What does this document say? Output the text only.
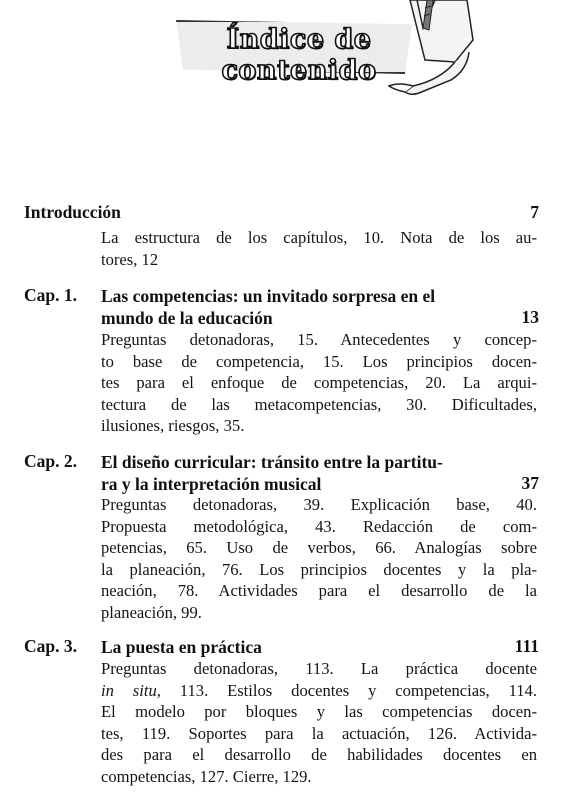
Índice de contenido
Introducción	7
La estructura de los capítulos, 10. Nota de los au-
tores, 12
Cap. 1. Las competencias: un invitado sorpresa en el
mundo de la educación	13
Preguntas detonadoras, 15. Antecedentes y concep-
to base de competencia, 15. Los principios docen-
tes para el enfoque de competencias, 20. La arqui-
tectura de las metacompetencias, 30. Dificultades,
ilusiones, riesgos, 35.
Cap. 2. El diseño curricular: tránsito entre la partitu-
ra y la interpretación musical	37
Preguntas detonadoras, 39. Explicación base, 40.
Propuesta metodológica, 43. Redacción de com-
petencias, 65. Uso de verbos, 66. Analogías sobre
la planeación, 76. Los principios docentes y la pla-
neación, 78. Actividades para el desarrollo de la
planeación, 99.
Cap. 3. La puesta en práctica	111
Preguntas detonadoras, 113. La práctica docente
in situ, 113. Estilos docentes y competencias, 114.
El modelo por bloques y las competencias docen-
tes, 119. Soportes para la actuación, 126. Activida-
des para el desarrollo de habilidades docentes en
competencias, 127. Cierre, 129.
